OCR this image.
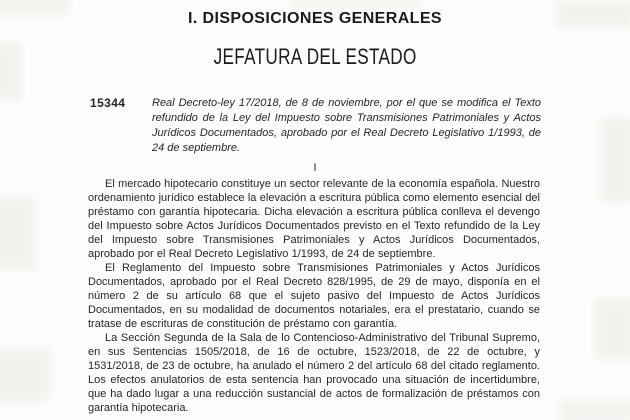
I. DISPOSICIONES GENERALES
JEFATURA DEL ESTADO
15344	Real Decreto-ley 17/2018, de 8 de noviembre, por el que se modifica el Texto refundido de la Ley del Impuesto sobre Transmisiones Patrimoniales y Actos Jurídicos Documentados, aprobado por el Real Decreto Legislativo 1/1993, de 24 de septiembre.
I

El mercado hipotecario constituye un sector relevante de la economía española. Nuestro ordenamiento jurídico establece la elevación a escritura pública como elemento esencial del préstamo con garantía hipotecaria. Dicha elevación a escritura pública conlleva el devengo del Impuesto sobre Actos Jurídicos Documentados previsto en el Texto refundido de la Ley del Impuesto sobre Transmisiones Patrimoniales y Actos Jurídicos Documentados, aprobado por el Real Decreto Legislativo 1/1993, de 24 de septiembre.

El Reglamento del Impuesto sobre Transmisiones Patrimoniales y Actos Jurídicos Documentados, aprobado por el Real Decreto 828/1995, de 29 de mayo, disponía en el número 2 de su artículo 68 que el sujeto pasivo del Impuesto de Actos Jurídicos Documentados, en su modalidad de documentos notariales, era el prestatario, cuando se tratase de escrituras de constitución de préstamo con garantía.

La Sección Segunda de la Sala de lo Contencioso-Administrativo del Tribunal Supremo, en sus Sentencias 1505/2018, de 16 de octubre, 1523/2018, de 22 de octubre, y 1531/2018, de 23 de octubre, ha anulado el número 2 del artículo 68 del citado reglamento. Los efectos anulatorios de esta sentencia han provocado una situación de incertidumbre, que ha dado lugar a una reducción sustancial de actos de formalización de préstamos con garantía hipotecaria.
